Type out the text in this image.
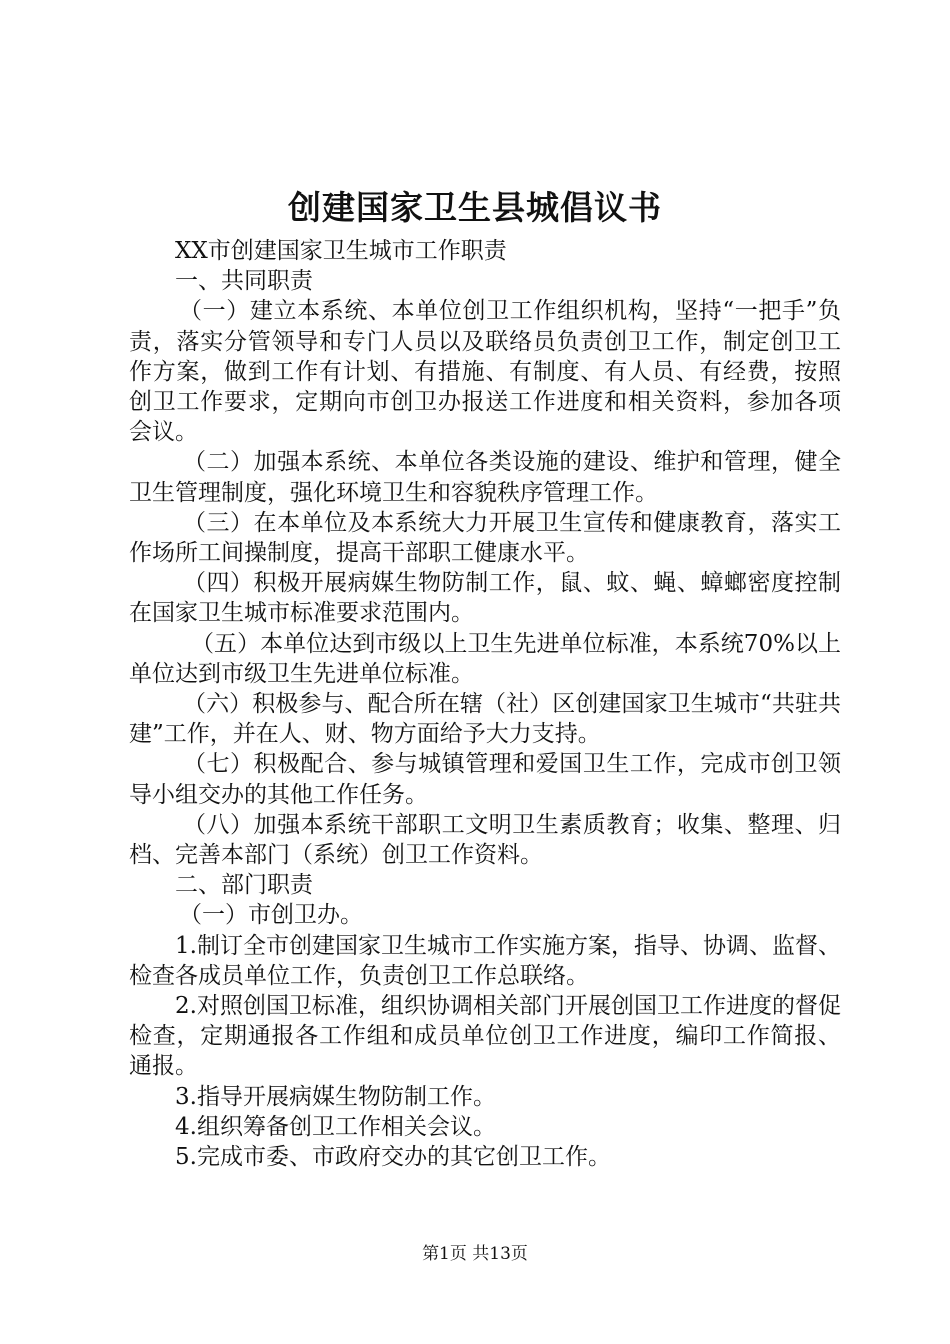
创建国家卫生县城倡议书

XX市创建国家卫生城市工作职责

一、共同职责

（一）建立本系统、本单位创卫工作组织机构，坚持“一把手”负责，落实分管领导和专门人员以及联络员负责创卫工作，制定创卫工作方案，做到工作有计划、有措施、有制度、有人员、有经费，按照创卫工作要求，定期向市创卫办报送工作进度和相关资料，参加各项会议。

（二）加强本系统、本单位各类设施的建设、维护和管理，健全卫生管理制度，强化环境卫生和容貌秩序管理工作。

（三）在本单位及本系统大力开展卫生宣传和健康教育，落实工作场所工间操制度，提高干部职工健康水平。

（四）积极开展病媒生物防制工作，鼠、蚊、蝇、蟑螂密度控制在国家卫生城市标准要求范围内。

（五）本单位达到市级以上卫生先进单位标准，本系统70%以上单位达到市级卫生先进单位标准。

（六）积极参与、配合所在辖（社）区创建国家卫生城市“共驻共建”工作，并在人、财、物方面给予大力支持。

（七）积极配合、参与城镇管理和爱国卫生工作，完成市创卫领导小组交办的其他工作任务。

（八）加强本系统干部职工文明卫生素质教育；收集、整理、归档、完善本部门（系统）创卫工作资料。

二、部门职责

（一）市创卫办。

1.制订全市创建国家卫生城市工作实施方案，指导、协调、监督、检查各成员单位工作，负责创卫工作总联络。

2.对照创国卫标准，组织协调相关部门开展创国卫工作进度的督促检查，定期通报各工作组和成员单位创卫工作进度，编印工作简报、通报。

3.指导开展病媒生物防制工作。

4.组织筹备创卫工作相关会议。

5.完成市委、市政府交办的其它创卫工作。

第1页 共13页
